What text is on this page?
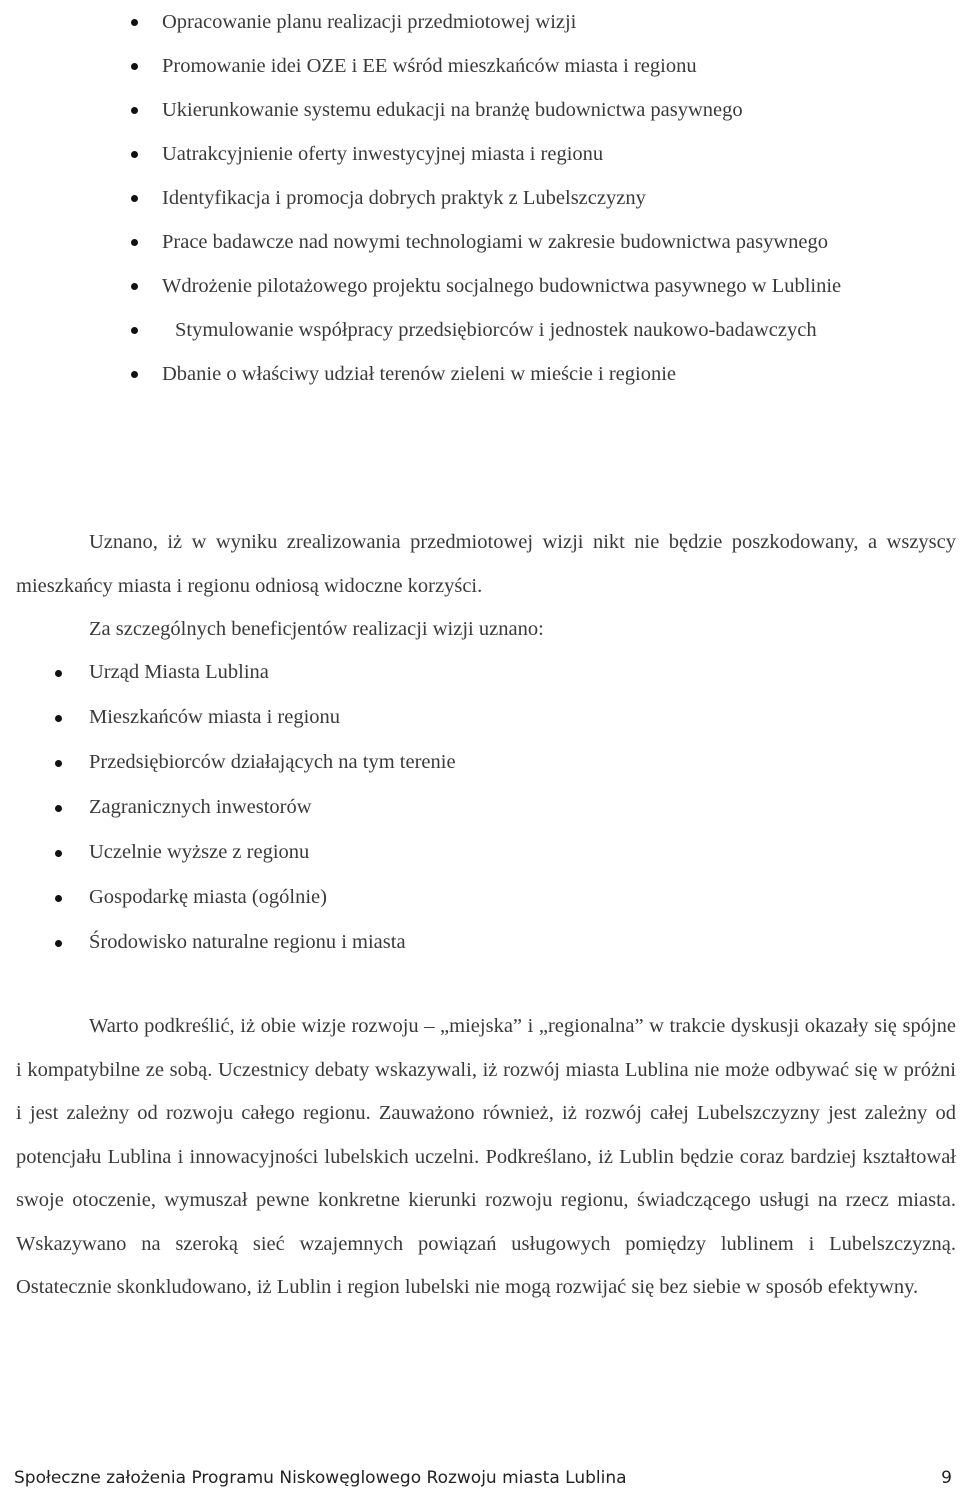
Opracowanie planu realizacji przedmiotowej wizji
Promowanie idei OZE i EE wśród mieszkańców miasta i regionu
Ukierunkowanie systemu edukacji na branżę budownictwa pasywnego
Uatrakcyjnienie oferty inwestycyjnej miasta i regionu
Identyfikacja i promocja dobrych praktyk z Lubelszczyzny
Prace badawcze nad nowymi technologiami w zakresie budownictwa pasywnego
Wdrożenie pilotażowego projektu socjalnego budownictwa pasywnego w Lublinie
Stymulowanie współpracy przedsiębiorców i jednostek naukowo-badawczych
Dbanie o właściwy udział terenów zieleni w mieście i regionie

Uznano, iż w wyniku zrealizowania przedmiotowej wizji nikt nie będzie poszkodowany, a wszyscy mieszkańcy miasta i regionu odniosą widoczne korzyści.

Za szczególnych beneficjentów realizacji wizji uznano:

Urząd Miasta Lublina
Mieszkańców miasta i regionu
Przedsiębiorców działających na tym terenie
Zagranicznych inwestorów
Uczelnie wyższe z regionu
Gospodarkę miasta (ogólnie)
Środowisko naturalne regionu i miasta

Warto podkreślić, iż obie wizje rozwoju – „miejska” i „regionalna” w trakcie dyskusji okazały się spójne i kompatybilne ze sobą. Uczestnicy debaty wskazywali, iż rozwój miasta Lublina nie może odbywać się w próżni i jest zależny od rozwoju całego regionu. Zauważono również, iż rozwój całej Lubelszczyzny jest zależny od potencjału Lublina i innowacyjności lubelskich uczelni. Podkreślano, iż Lublin będzie coraz bardziej kształtował swoje otoczenie, wymuszał pewne konkretne kierunki rozwoju regionu, świadczącego usługi na rzecz miasta. Wskazywano na szeroką sieć wzajemnych powiązań usługowych pomiędzy lublinem i Lubelszczyzną. Ostatecznie skonkludowano, iż Lublin i region lubelski nie mogą rozwijać się bez siebie w sposób efektywny.

Społeczne założenia Programu Niskowęglowego Rozwoju miasta Lublina	9
